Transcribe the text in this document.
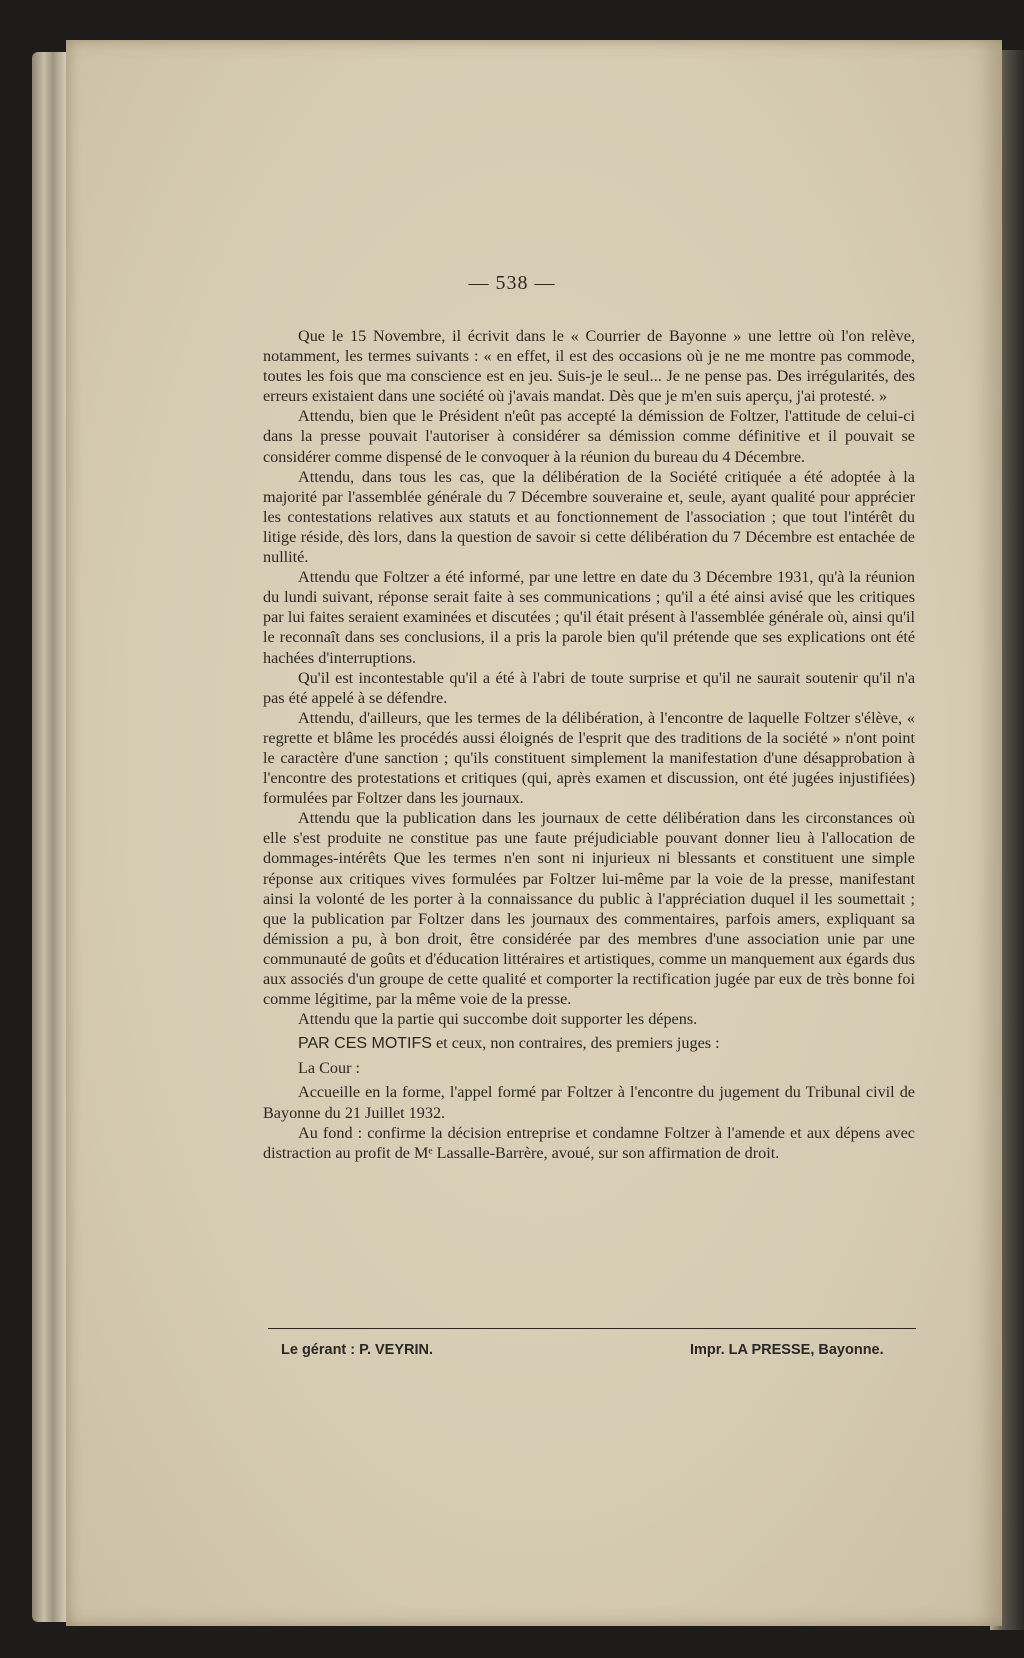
— 538 —

Que le 15 Novembre, il écrivit dans le « Courrier de Bayonne » une lettre où l'on relève, notamment, les termes suivants : « en effet, il est des occasions où je ne me montre pas commode, toutes les fois que ma conscience est en jeu. Suis-je le seul... Je ne pense pas. Des irrégularités, des erreurs existaient dans une société où j'avais mandat. Dès que je m'en suis aperçu, j'ai protesté. »

Attendu, bien que le Président n'eût pas accepté la démission de Foltzer, l'attitude de celui-ci dans la presse pouvait l'autoriser à considérer sa démission comme définitive et il pouvait se considérer comme dispensé de le convoquer à la réunion du bureau du 4 Décembre.

Attendu, dans tous les cas, que la délibération de la Société critiquée a été adoptée à la majorité par l'assemblée générale du 7 Décembre souveraine et, seule, ayant qualité pour apprécier les contestations relatives aux statuts et au fonctionnement de l'association ; que tout l'intérêt du litige réside, dès lors, dans la question de savoir si cette délibération du 7 Décembre est entachée de nullité.

Attendu que Foltzer a été informé, par une lettre en date du 3 Décembre 1931, qu'à la réunion du lundi suivant, réponse serait faite à ses communications ; qu'il a été ainsi avisé que les critiques par lui faites seraient examinées et discutées ; qu'il était présent à l'assemblée générale où, ainsi qu'il le reconnaît dans ses conclusions, il a pris la parole bien qu'il prétende que ses explications ont été hachées d'interruptions.

Qu'il est incontestable qu'il a été à l'abri de toute surprise et qu'il ne saurait soutenir qu'il n'a pas été appelé à se défendre.

Attendu, d'ailleurs, que les termes de la délibération, à l'encontre de laquelle Foltzer s'élève, « regrette et blâme les procédés aussi éloignés de l'esprit que des traditions de la société » n'ont point le caractère d'une sanction ; qu'ils constituent simplement la manifestation d'une désapprobation à l'encontre des protestations et critiques (qui, après examen et discussion, ont été jugées injustifiées) formulées par Foltzer dans les journaux.

Attendu que la publication dans les journaux de cette délibération dans les circonstances où elle s'est produite ne constitue pas une faute préjudiciable pouvant donner lieu à l'allocation de dommages-intérêts Que les termes n'en sont ni injurieux ni blessants et constituent une simple réponse aux critiques vives formulées par Foltzer lui-même par la voie de la presse, manifestant ainsi la volonté de les porter à la connaissance du public à l'appréciation duquel il les soumettait ; que la publication par Foltzer dans les journaux des commentaires, parfois amers, expliquant sa démission a pu, à bon droit, être considérée par des membres d'une association unie par une communauté de goûts et d'éducation littéraires et artistiques, comme un manquement aux égards dus aux associés d'un groupe de cette qualité et comporter la rectification jugée par eux de très bonne foi comme légitime, par la même voie de la presse.

Attendu que la partie qui succombe doit supporter les dépens.

PAR CES MOTIFS et ceux, non contraires, des premiers juges :

La Cour :

Accueille en la forme, l'appel formé par Foltzer à l'encontre du jugement du Tribunal civil de Bayonne du 21 Juillet 1932.

Au fond : confirme la décision entreprise et condamne Foltzer à l'amende et aux dépens avec distraction au profit de Mᵉ Lassalle-Barrère, avoué, sur son affirmation de droit.

Le gérant : P. VEYRIN.	Impr. LA PRESSE, Bayonne.
